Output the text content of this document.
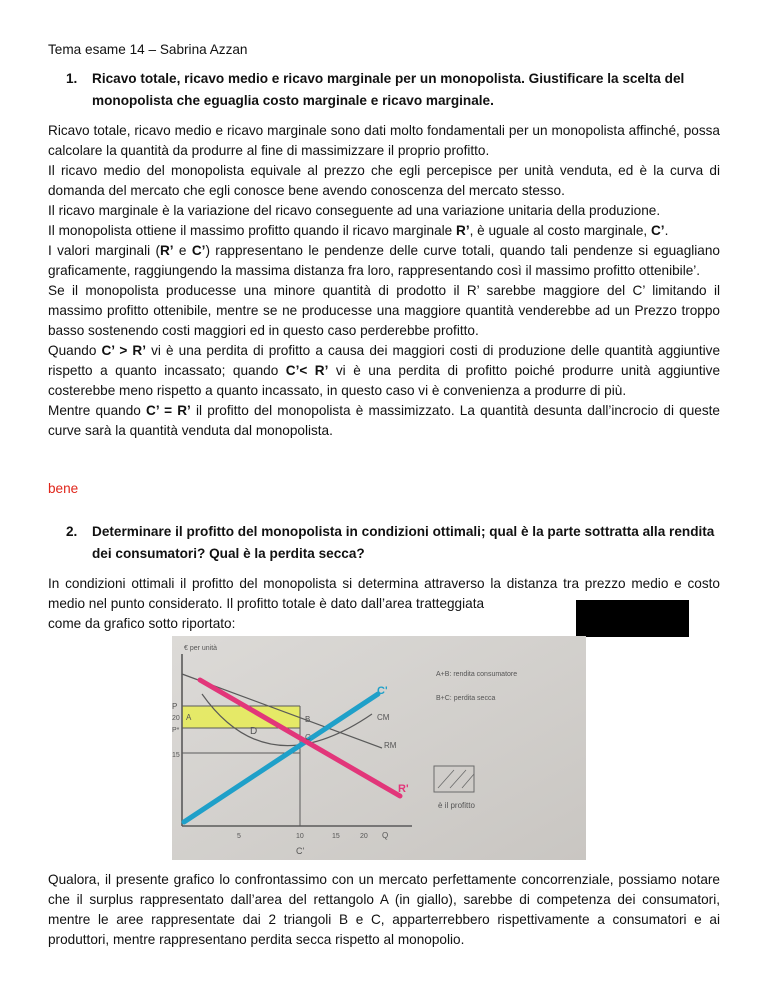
Tema esame 14 – Sabrina Azzan
1. Ricavo totale, ricavo medio e ricavo marginale per un monopolista. Giustificare la scelta del monopolista che eguaglia costo marginale e ricavo marginale.

Ricavo totale, ricavo medio e ricavo marginale sono dati molto fondamentali per un monopolista affinché, possa calcolare la quantità da produrre al fine di massimizzare il proprio profitto.

Il ricavo medio del monopolista equivale al prezzo che egli percepisce per unità venduta, ed è la curva di domanda del mercato che egli conosce bene avendo conoscenza del mercato stesso.

Il ricavo marginale è la variazione del ricavo conseguente ad una variazione unitaria della produzione.

Il monopolista ottiene il massimo profitto quando il ricavo marginale R’, è uguale al costo marginale, C’.

I valori marginali (R’ e C’) rappresentano le pendenze delle curve totali, quando tali pendenze si eguagliano graficamente, raggiungendo la massima distanza fra loro, rappresentando così il massimo profitto ottenibile’.

Se il monopolista producesse una minore quantità di prodotto il R’ sarebbe maggiore del C’ limitando il massimo profitto ottenibile, mentre se ne producesse una maggiore quantità venderebbe ad un Prezzo troppo basso sostenendo costi maggiori ed in questo caso perderebbe profitto.

Quando C’ > R’ vi è una perdita di profitto a causa dei maggiori costi di produzione delle quantità aggiuntive rispetto a quanto incassato; quando C’< R’ vi è una perdita di profitto poiché produrre unità aggiuntive costerebbe meno rispetto a quanto incassato, in questo caso vi è convenienza a produrre di più.

Mentre quando C’ = R’ il profitto del monopolista è massimizzato. La quantità desunta dall’incrocio di queste curve sarà la quantità venduta dal monopolista.

bene
2. Determinare il profitto del monopolista in condizioni ottimali; qual è la parte sottratta alla rendita dei consumatori? Qual è la perdita secca?

In condizioni ottimali il profitto del monopolista si determina attraverso la distanza tra prezzo medio e costo medio nel punto considerato. Il profitto totale è dato dall’area tratteggiata

come da grafico sotto riportato:

€ per unità
P
20
P*
15
A	B
C
D
C'
CM
RM
R'
5	10	15	20 Q
C'
A+B: rendita consumatore
B+C: perdita secca
è il profitto
Qualora, il presente grafico lo confrontassimo con un mercato perfettamente concorrenziale, possiamo notare che il surplus rappresentato dall’area del rettangolo A (in giallo), sarebbe di competenza dei consumatori, mentre le aree rappresentate dai 2 triangoli B e C, apparterrebbero rispettivamente a consumatori e ai produttori, mentre rappresentano perdita secca rispetto al monopolio.
